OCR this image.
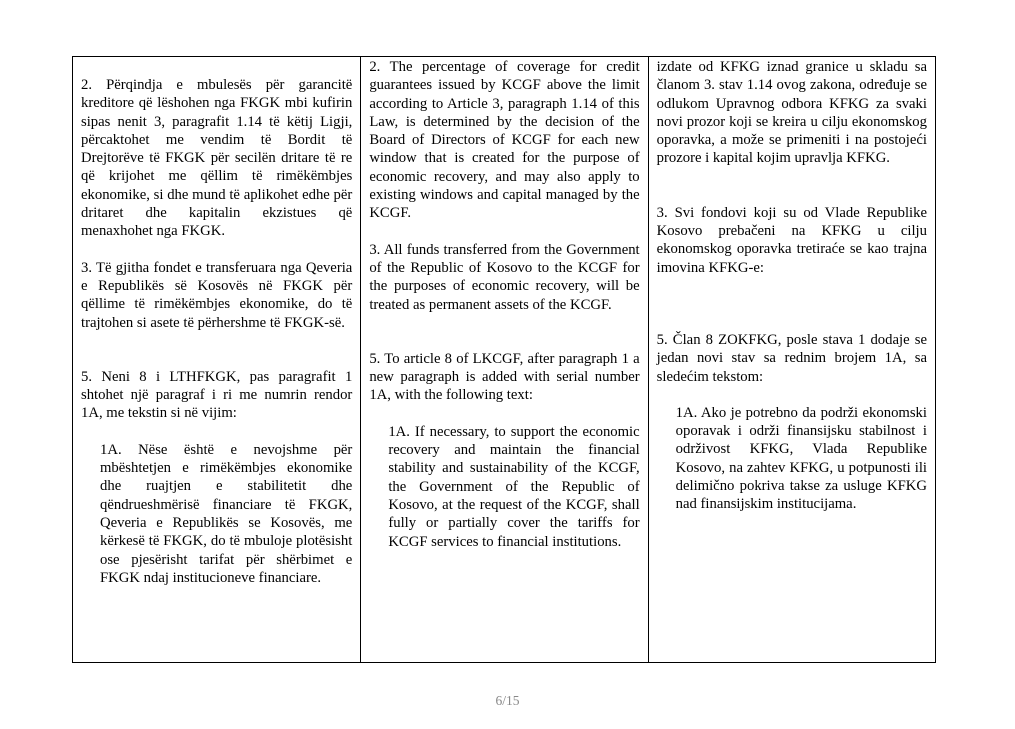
2. Përqindja e mbulesës për garancitë kreditore që lëshohen nga FKGK mbi kufirin sipas nenit 3, paragrafit 1.14 të këtij Ligji, përcaktohet me vendim të Bordit të Drejtorëve të FKGK për secilën dritare të re që krijohet me qëllim të rimëkëmbjes ekonomike, si dhe mund të aplikohet edhe për dritaret dhe kapitalin ekzistues që menaxhohet nga FKGK.

3. Të gjitha fondet e transferuara nga Qeveria e Republikës së Kosovës në FKGK për qëllime të rimëkëmbjes ekonomike, do të trajtohen si asete të përhershme të FKGK-së.

5. Neni 8 i LTHFKGK, pas paragrafit 1 shtohet një paragraf i ri me numrin rendor 1A, me tekstin si në vijim:

1A. Nëse është e nevojshme për mbështetjen e rimëkëmbjes ekonomike dhe ruajtjen e stabilitetit dhe qëndrueshmërisë financiare të FKGK, Qeveria e Republikës se Kosovës, me kërkesë të FKGK, do të mbuloje plotësisht ose pjesërisht tarifat për shërbimet e FKGK ndaj institucioneve financiare.

2. The percentage of coverage for credit guarantees issued by KCGF above the limit according to Article 3, paragraph 1.14 of this Law, is determined by the decision of the Board of Directors of KCGF for each new window that is created for the purpose of economic recovery, and may also apply to existing windows and capital managed by the KCGF.

3. All funds transferred from the Government of the Republic of Kosovo to the KCGF for the purposes of economic recovery, will be treated as permanent assets of the KCGF.

5. To article 8 of LKCGF, after paragraph 1 a new paragraph is added with serial number 1A, with the following text:

1A. If necessary, to support the economic recovery and maintain the financial stability and sustainability of the KCGF, the Government of the Republic of Kosovo, at the request of the KCGF, shall fully or partially cover the tariffs for KCGF services to financial institutions.

izdate od KFKG iznad granice u skladu sa članom 3. stav 1.14 ovog zakona, određuje se odlukom Upravnog odbora KFKG za svaki novi prozor koji se kreira u cilju ekonomskog oporavka, a može se primeniti i na postojeći prozore i kapital kojim upravlja KFKG.

3. Svi fondovi koji su od Vlade Republike Kosovo prebačeni na KFKG u cilju ekonomskog oporavka tretiraće se kao trajna imovina KFKG-e:

5. Član 8 ZOKFKG, posle stava 1 dodaje se jedan novi stav sa rednim brojem 1A, sa sledećim tekstom:

1A. Ako je potrebno da podrži ekonomski oporavak i održi finansijsku stabilnost i održivost KFKG, Vlada Republike Kosovo, na zahtev KFKG, u potpunosti ili delimično pokriva takse za usluge KFKG nad finansijskim institucijama.

6/15
